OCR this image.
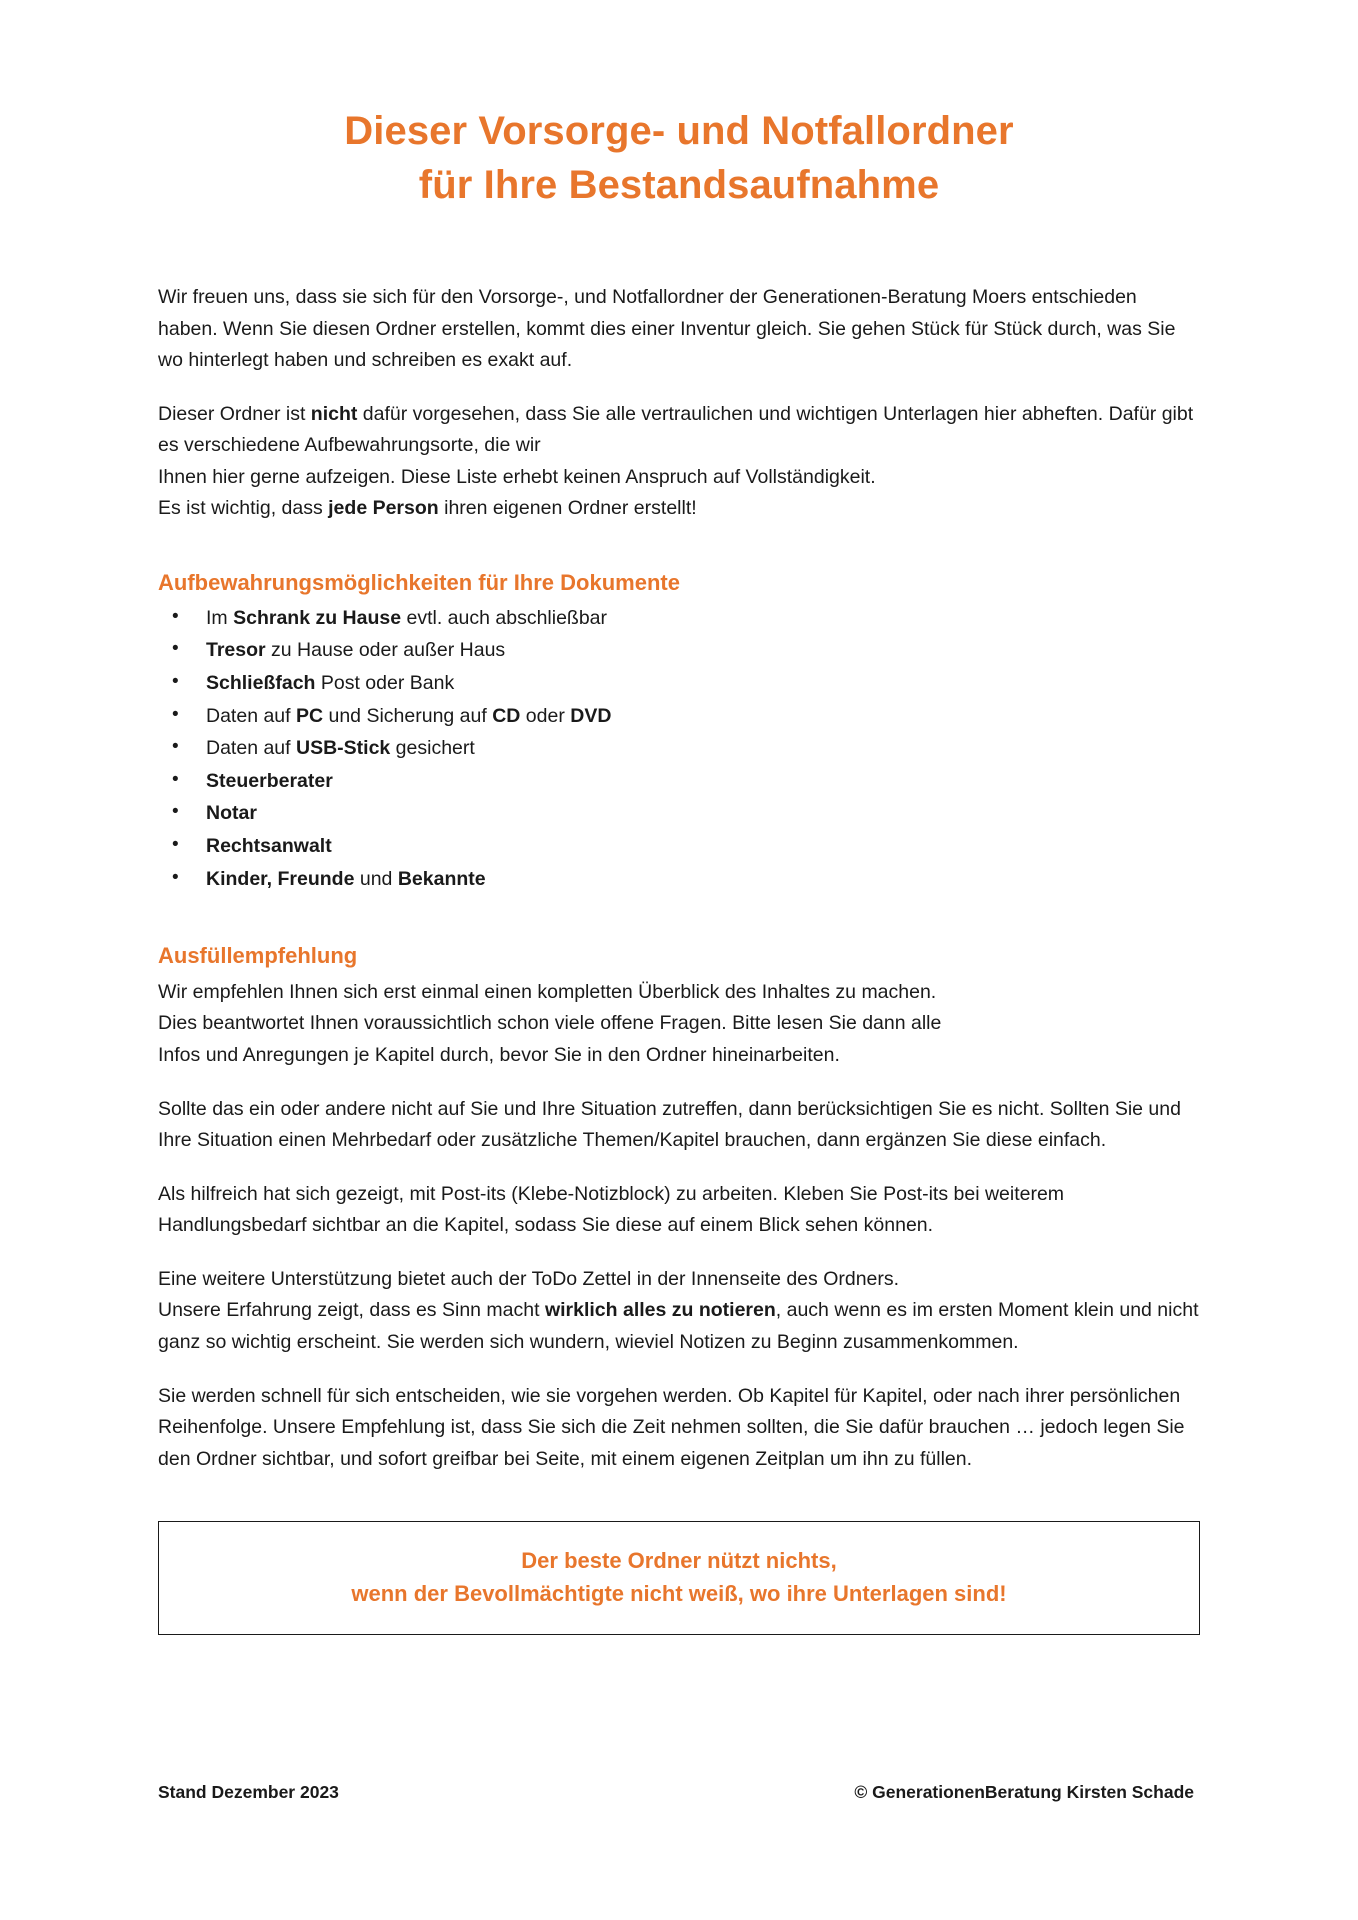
Dieser Vorsorge- und Notfallordner
für Ihre Bestandsaufnahme

Wir freuen uns, dass sie sich für den Vorsorge-, und Notfallordner der Generationen-Beratung Moers entschieden haben. Wenn Sie diesen Ordner erstellen, kommt dies einer Inventur gleich. Sie gehen Stück für Stück durch, was Sie wo hinterlegt haben und schreiben es exakt auf.

Dieser Ordner ist nicht dafür vorgesehen, dass Sie alle vertraulichen und wichtigen Unterlagen hier abheften. Dafür gibt es verschiedene Aufbewahrungsorte, die wir
Ihnen hier gerne aufzeigen. Diese Liste erhebt keinen Anspruch auf Vollständigkeit.
Es ist wichtig, dass jede Person ihren eigenen Ordner erstellt!

Aufbewahrungsmöglichkeiten für Ihre Dokumente
• Im Schrank zu Hause evtl. auch abschließbar
• Tresor zu Hause oder außer Haus
• Schließfach Post oder Bank
• Daten auf PC und Sicherung auf CD oder DVD
• Daten auf USB-Stick gesichert
• Steuerberater
• Notar
• Rechtsanwalt
• Kinder, Freunde und Bekannte
Ausfüllempfehlung

Wir empfehlen Ihnen sich erst einmal einen kompletten Überblick des Inhaltes zu machen.
Dies beantwortet Ihnen voraussichtlich schon viele offene Fragen. Bitte lesen Sie dann alle
Infos und Anregungen je Kapitel durch, bevor Sie in den Ordner hineinarbeiten.

Sollte das ein oder andere nicht auf Sie und Ihre Situation zutreffen, dann berücksichtigen Sie es nicht. Sollten Sie und Ihre Situation einen Mehrbedarf oder zusätzliche Themen/Kapitel brauchen, dann ergänzen Sie diese einfach.

Als hilfreich hat sich gezeigt, mit Post-its (Klebe-Notizblock) zu arbeiten. Kleben Sie Post-its bei weiterem Handlungsbedarf sichtbar an die Kapitel, sodass Sie diese auf einem Blick sehen können.

Eine weitere Unterstützung bietet auch der ToDo Zettel in der Innenseite des Ordners.
Unsere Erfahrung zeigt, dass es Sinn macht wirklich alles zu notieren, auch wenn es im ersten Moment klein und nicht ganz so wichtig erscheint. Sie werden sich wundern, wieviel Notizen zu Beginn zusammenkommen.

Sie werden schnell für sich entscheiden, wie sie vorgehen werden. Ob Kapitel für Kapitel, oder nach ihrer persönlichen Reihenfolge. Unsere Empfehlung ist, dass Sie sich die Zeit nehmen sollten, die Sie dafür brauchen … jedoch legen Sie den Ordner sichtbar, und sofort greifbar bei Seite, mit einem eigenen Zeitplan um ihn zu füllen.

Der beste Ordner nützt nichts,
wenn der Bevollmächtigte nicht weiß, wo ihre Unterlagen sind!
Stand Dezember 2023	© GenerationenBeratung Kirsten Schade
